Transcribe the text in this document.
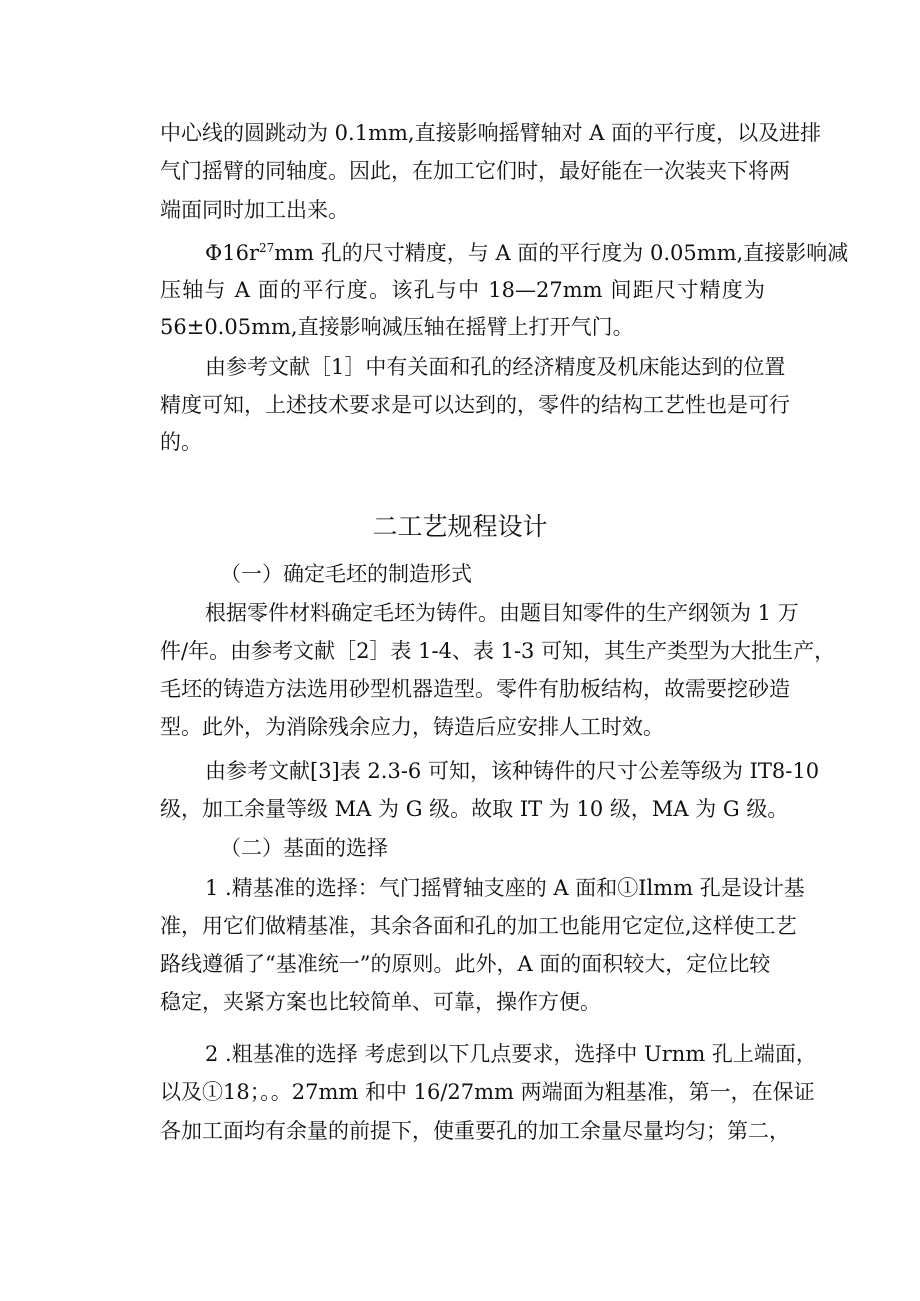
中心线的圆跳动为 0.1mm,直接影响摇臂轴对 A 面的平行度，以及进排
气门摇臂的同轴度。因此，在加工它们时，最好能在一次装夹下将两
端面同时加工出来。
$\Phi 16r^{27}mm$ 孔的尺寸精度，与 A 面的平行度为 0.05mm,直接影响减
压轴与 A 面的平行度。该孔与中 18—27mm 间距尺寸精度为
56±0.05mm,直接影响减压轴在摇臂上打开气门。
由参考文献［1］中有关面和孔的经济精度及机床能达到的位置
精度可知，上述技术要求是可以达到的，零件的结构工艺性也是可行
的。
二工艺规程设计
（一）确定毛坯的制造形式
根据零件材料确定毛坯为铸件。由题目知零件的生产纲领为 1 万
件/年。由参考文献［2］表 1-4、表 1-3 可知，其生产类型为大批生产，
毛坯的铸造方法选用砂型机器造型。零件有肋板结构，故需要挖砂造
型。此外，为消除残余应力，铸造后应安排人工时效。
由参考文献[3]表 2.3-6 可知，该种铸件的尺寸公差等级为 IT8-10
级，加工余量等级 MA 为 G 级。故取 IT 为 10 级，MA 为 G 级。
（二）基面的选择
1 .精基准的选择：气门摇臂轴支座的 A 面和①Ilmm 孔是设计基
准，用它们做精基准，其余各面和孔的加工也能用它定位,这样使工艺
路线遵循了“基准统一”的原则。此外，A 面的面积较大，定位比较
稳定，夹紧方案也比较简单、可靠，操作方便。
2 .粗基准的选择 考虑到以下几点要求，选择中 Urnm 孔上端面，
以及①18；。。27mm 和中 16/27mm 两端面为粗基准，第一，在保证
各加工面均有余量的前提下，使重要孔的加工余量尽量均匀；第二，
